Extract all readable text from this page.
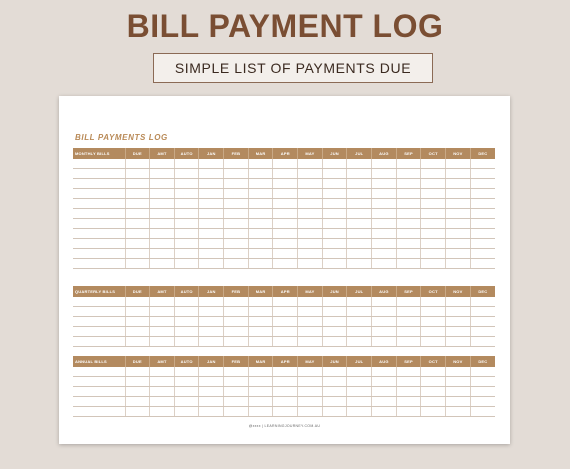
BILL PAYMENT LOG
SIMPLE LIST OF PAYMENTS DUE
BILL PAYMENTS LOG
MONTHLY BILLS	DUE	AMT	AUTO	JAN	FEB	MAR	APR	MAY	JUN	JUL	AUG	SEP	OCT	NOV	DEC

QUARTERLY BILLS	DUE	AMT	AUTO	JAN	FEB	MAR	APR	MAY	JUN	JUL	AUG	SEP	OCT	NOV	DEC

ANNUAL BILLS	DUE	AMT	AUTO	JAN	FEB	MAR	APR	MAY	JUN	JUL	AUG	SEP	OCT	NOV	DEC

@xxxx | LEARNINGJOURNEY.COM.AU
